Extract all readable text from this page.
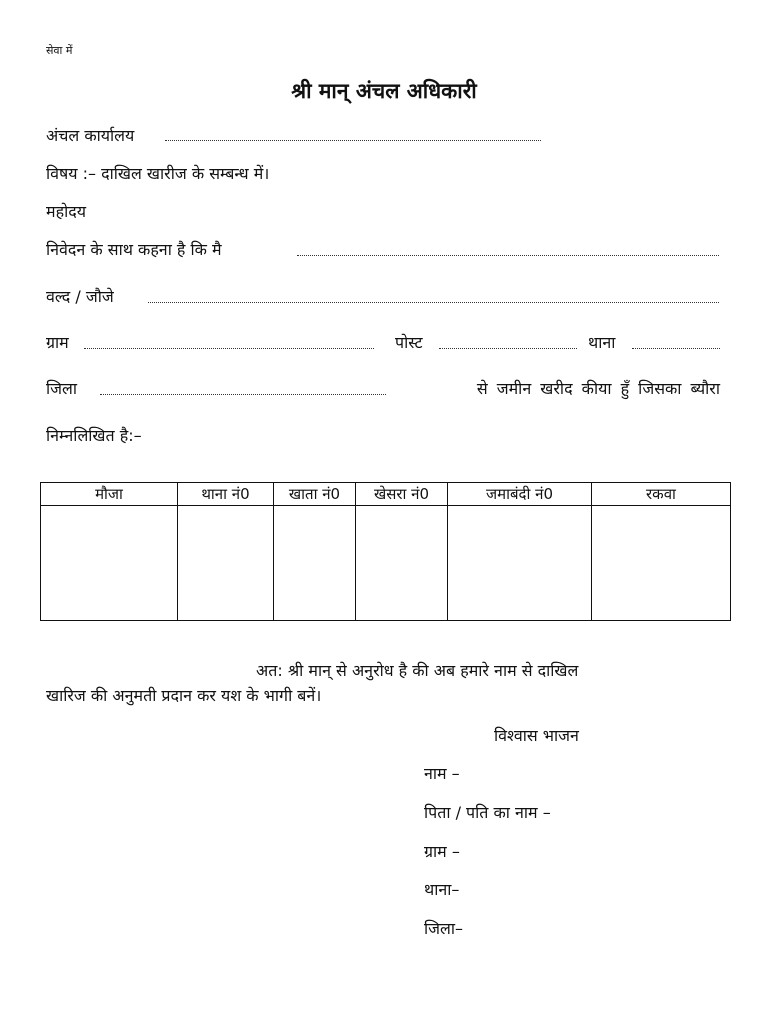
सेवा में
श्री मान् अंचल अधिकारी
अंचल कार्यालय
विषय :– दाखिल खारीज के सम्बन्ध में।
महोदय
निवेदन के साथ कहना है कि मै
वल्द / जौजे
ग्राम	पोस्ट	थाना
जिला	से जमीन खरीद कीया हुँ जिसका ब्यौरा
निम्नलिखित है:–
मौजा	थाना नं0	खाता नं0	खेसरा नं0	जमाबंदी नं0	रकवा

अत: श्री मान् से अनुरोध है की अब हमारे नाम से दाखिल
खारिज की अनुमती प्रदान कर यश के भागी बनें।
विश्वास भाजन
नाम –
पिता / पति का नाम –
ग्राम –
थाना–
जिला–
